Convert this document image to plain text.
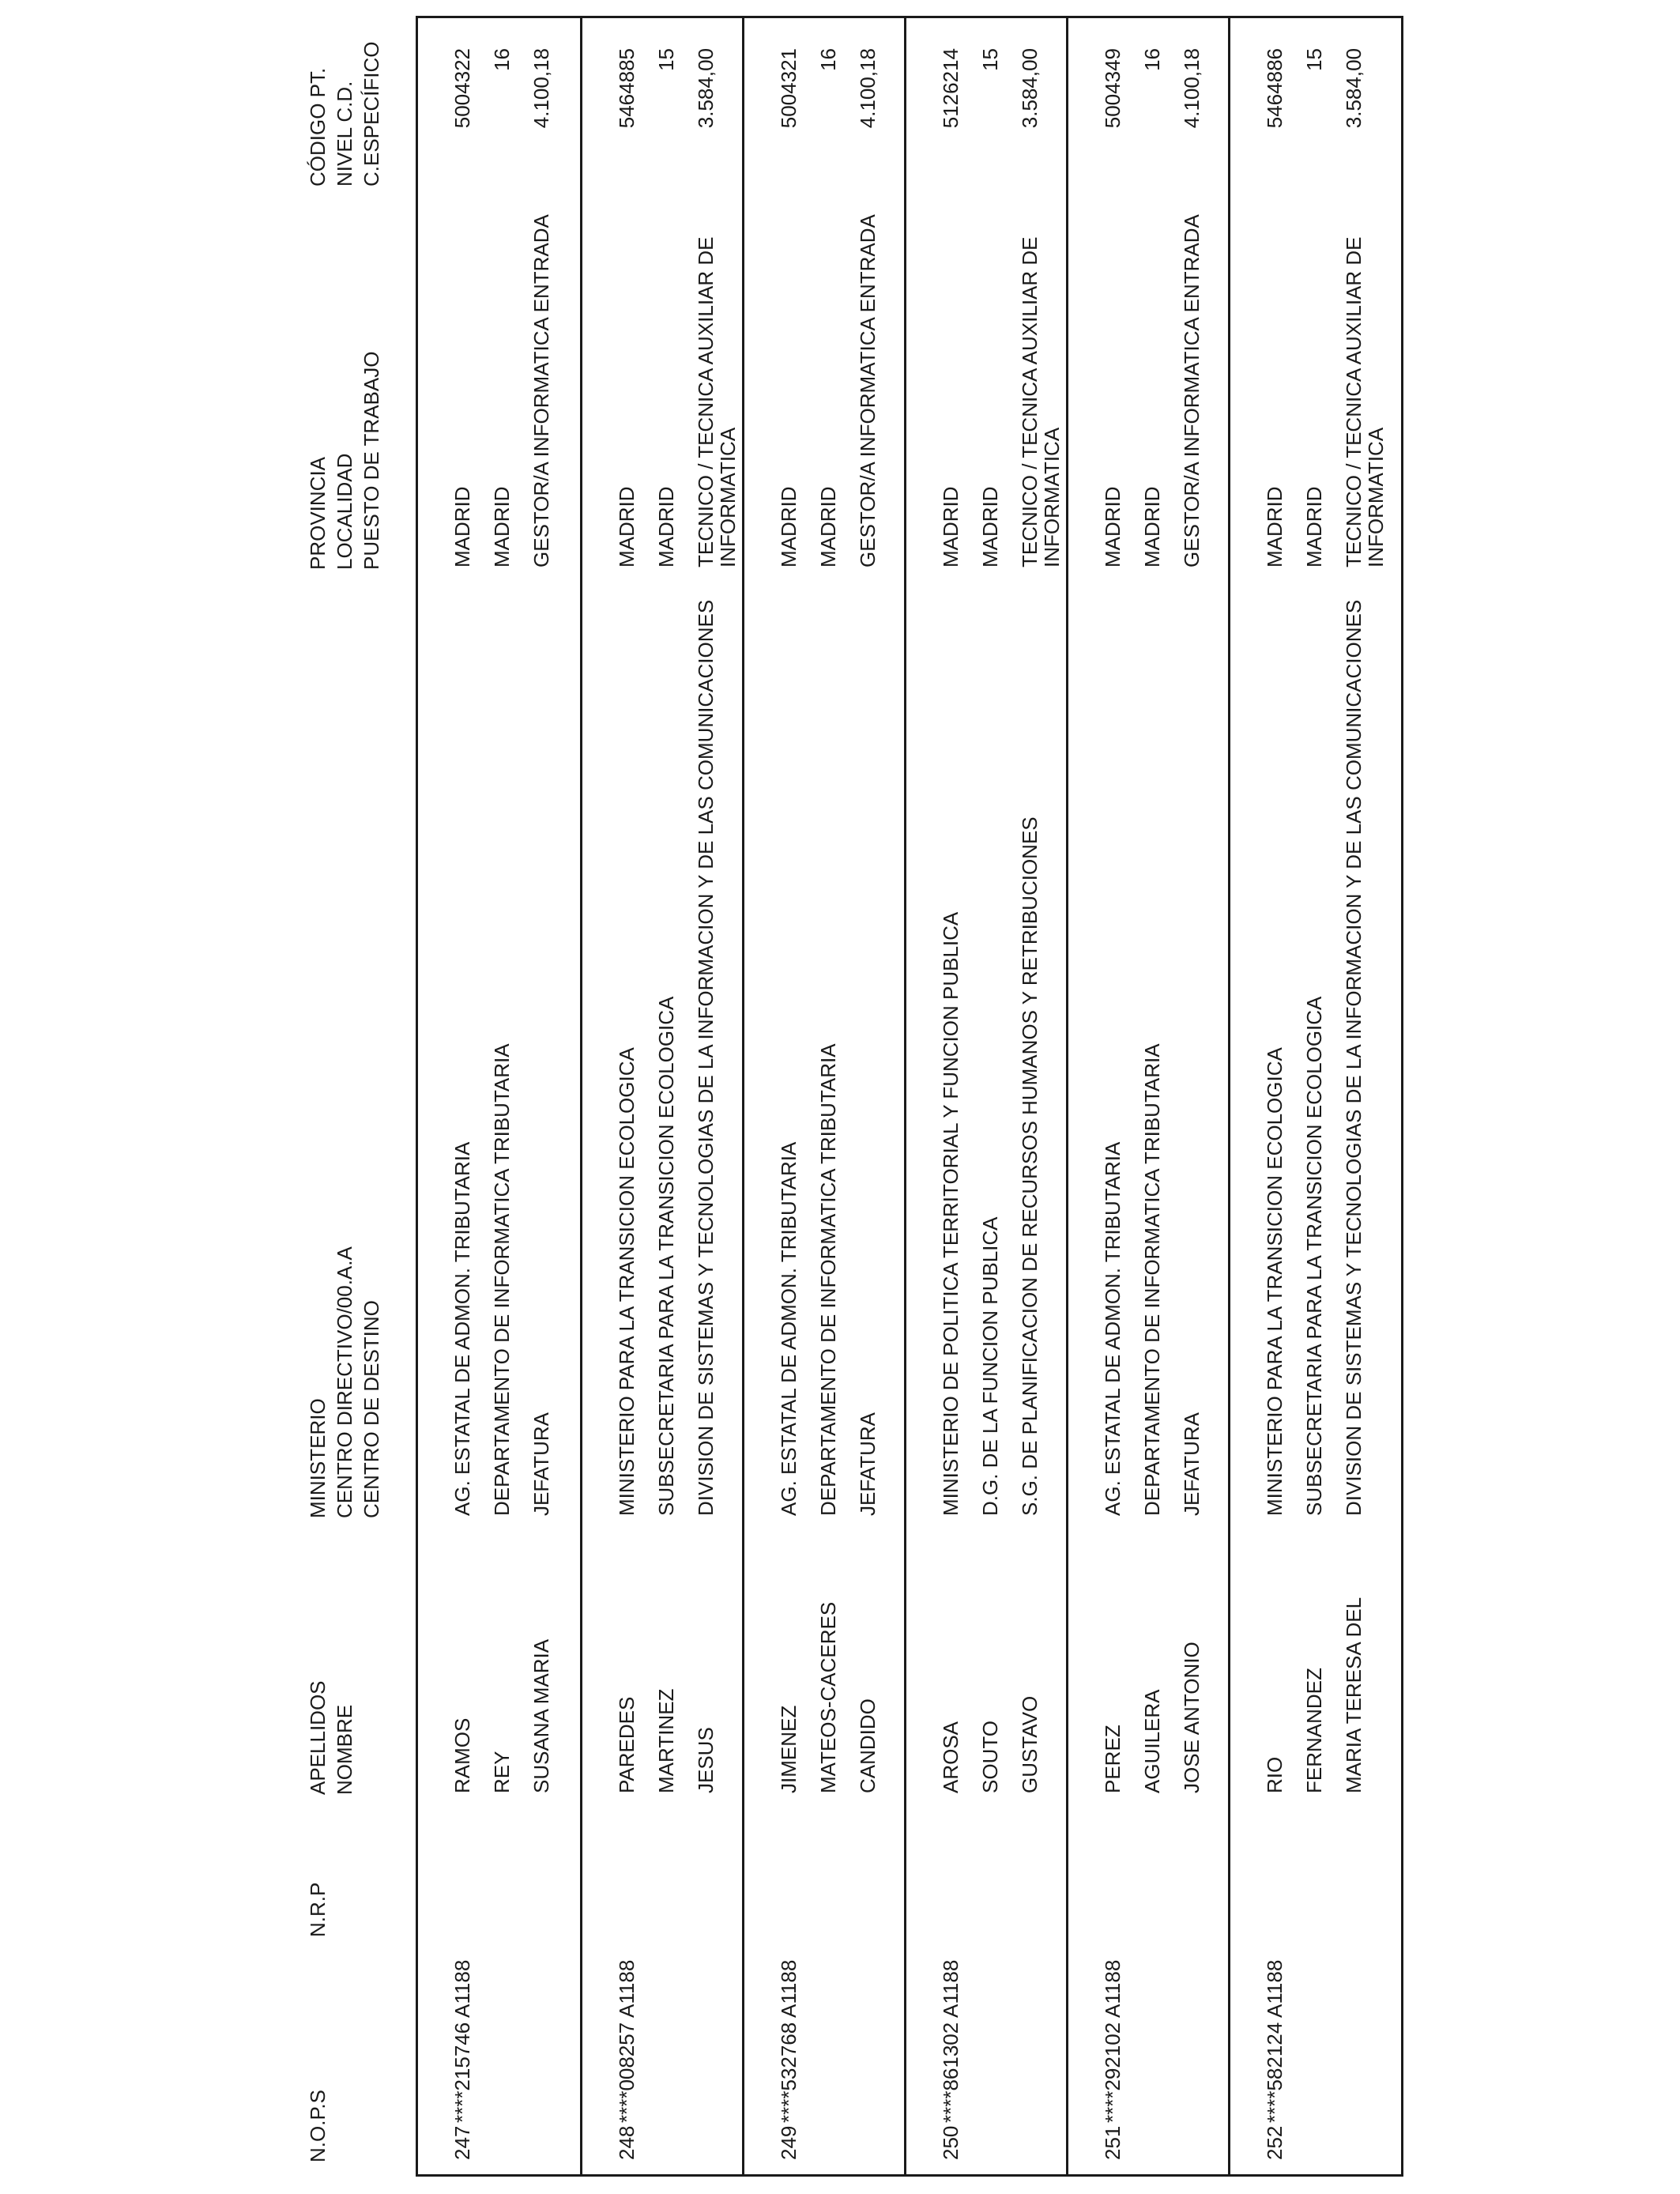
N.O.P.S
N.R.P
APELLIDOS NOMBRE
MINISTERIO CENTRO DIRECTIVO/00.A.A CENTRO DE DESTINO
PROVINCIA LOCALIDAD PUESTO DE TRABAJO
CÓDIGO PT. NIVEL C.D. C.ESPECÍFICO
247
****215746 A1188
RAMOS REY SUSANA MARIA
AG. ESTATAL DE ADMON. TRIBUTARIA DEPARTAMENTO DE INFORMATICA TRIBUTARIA JEFATURA
MADRID MADRID GESTOR/A INFORMATICA ENTRADA
5004322 16 4.100,18
248
****008257 A1188
PAREDES MARTINEZ JESUS
MINISTERIO PARA LA TRANSICION ECOLOGICA SUBSECRETARIA PARA LA TRANSICION ECOLOGICA DIVISION DE SISTEMAS Y TECNOLOGIAS DE LA INFORMACION Y DE LAS COMUNICACIONES
MADRID MADRID TECNICO / TECNICA AUXILIAR DE INFORMATICA
5464885 15 3.584,00
249
****532768 A1188
JIMENEZ MATEOS-CACERES CANDIDO
AG. ESTATAL DE ADMON. TRIBUTARIA DEPARTAMENTO DE INFORMATICA TRIBUTARIA JEFATURA
MADRID MADRID GESTOR/A INFORMATICA ENTRADA
5004321 16 4.100,18
250
****861302 A1188
AROSA SOUTO GUSTAVO
MINISTERIO DE POLITICA TERRITORIAL Y FUNCION PUBLICA D.G. DE LA FUNCION PUBLICA S.G. DE PLANIFICACION DE RECURSOS HUMANOS Y RETRIBUCIONES
MADRID MADRID TECNICO / TECNICA AUXILIAR DE INFORMATICA
5126214 15 3.584,00
251
****292102 A1188
PEREZ AGUILERA JOSE ANTONIO
AG. ESTATAL DE ADMON. TRIBUTARIA DEPARTAMENTO DE INFORMATICA TRIBUTARIA JEFATURA
MADRID MADRID GESTOR/A INFORMATICA ENTRADA
5004349 16 4.100,18
252
****582124 A1188
RIO FERNANDEZ MARIA TERESA DEL
MINISTERIO PARA LA TRANSICION ECOLOGICA SUBSECRETARIA PARA LA TRANSICION ECOLOGICA DIVISION DE SISTEMAS Y TECNOLOGIAS DE LA INFORMACION Y DE LAS COMUNICACIONES
MADRID MADRID TECNICO / TECNICA AUXILIAR DE INFORMATICA
5464886 15 3.584,00
